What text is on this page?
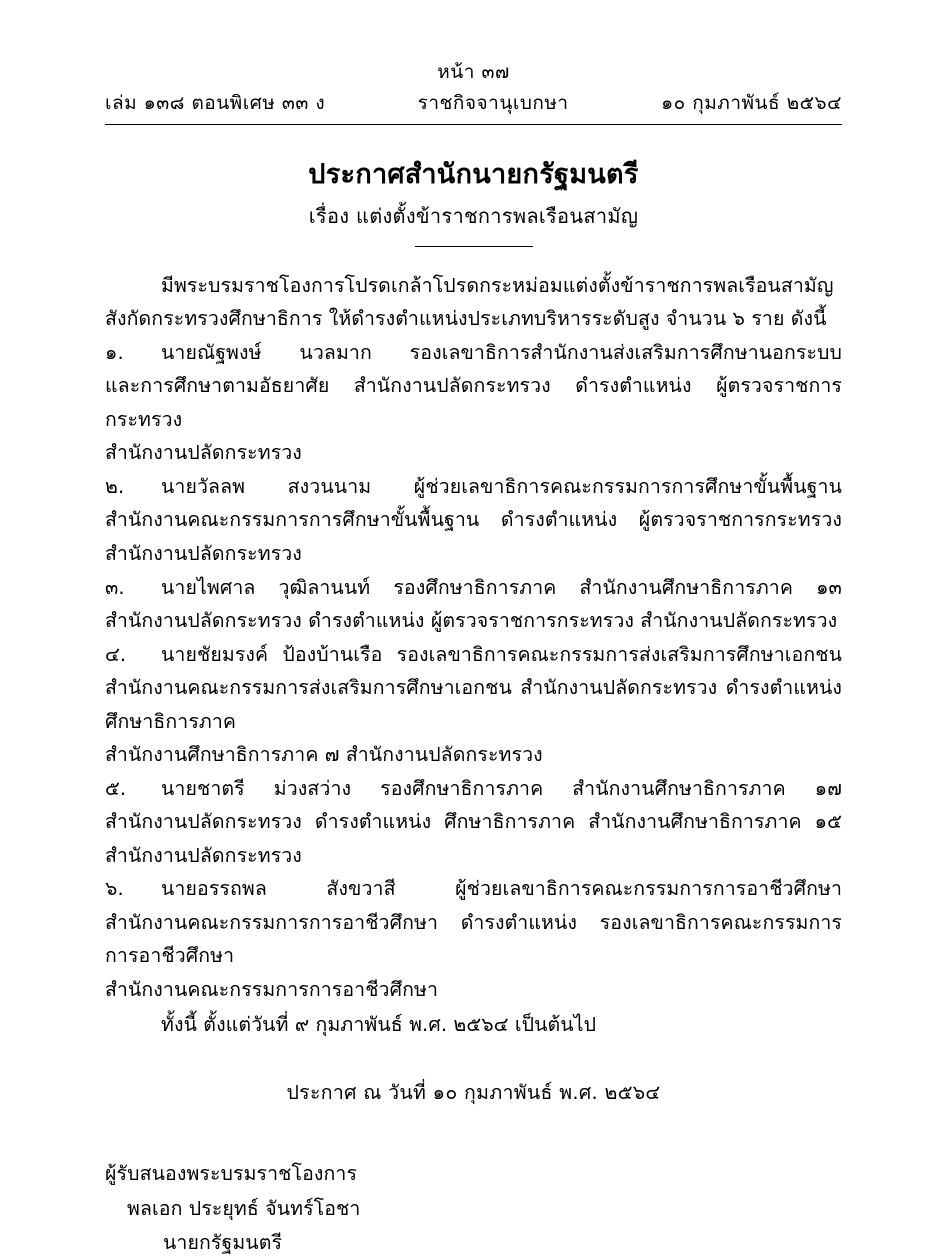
หน้า ๓๗
เล่ม ๑๓๘ ตอนพิเศษ ๓๓ ง	ราชกิจจานุเบกษา	๑๐ กุมภาพันธ์ ๒๕๖๔
ประกาศสำนักนายกรัฐมนตรี
เรื่อง แต่งตั้งข้าราชการพลเรือนสามัญ
มีพระบรมราชโองการโปรดเกล้าโปรดกระหม่อมแต่งตั้งข้าราชการพลเรือนสามัญ
สังกัดกระทรวงศึกษาธิการ ให้ดำรงตำแหน่งประเภทบริหารระดับสูง จำนวน ๖ ราย ดังนี้
๑. นายณัฐพงษ์ นวลมาก รองเลขาธิการสำนักงานส่งเสริมการศึกษานอกระบบ
และการศึกษาตามอัธยาศัย สำนักงานปลัดกระทรวง ดำรงตำแหน่ง ผู้ตรวจราชการกระทรวง
สำนักงานปลัดกระทรวง
๒. นายวัลลพ สงวนนาม ผู้ช่วยเลขาธิการคณะกรรมการการศึกษาขั้นพื้นฐาน
สำนักงานคณะกรรมการการศึกษาขั้นพื้นฐาน ดำรงตำแหน่ง ผู้ตรวจราชการกระทรวง สำนักงานปลัดกระทรวง
๓. นายไพศาล วุฒิลานนท์ รองศึกษาธิการภาค สำนักงานศึกษาธิการภาค ๑๓
สำนักงานปลัดกระทรวง ดำรงตำแหน่ง ผู้ตรวจราชการกระทรวง สำนักงานปลัดกระทรวง
๔. นายชัยมรงค์ ป้องบ้านเรือ รองเลขาธิการคณะกรรมการส่งเสริมการศึกษาเอกชน
สำนักงานคณะกรรมการส่งเสริมการศึกษาเอกชน สำนักงานปลัดกระทรวง ดำรงตำแหน่ง ศึกษาธิการภาค
สำนักงานศึกษาธิการภาค ๗ สำนักงานปลัดกระทรวง
๕. นายชาตรี ม่วงสว่าง รองศึกษาธิการภาค สำนักงานศึกษาธิการภาค ๑๗
สำนักงานปลัดกระทรวง ดำรงตำแหน่ง ศึกษาธิการภาค สำนักงานศึกษาธิการภาค ๑๕ สำนักงานปลัดกระทรวง
๖. นายอรรถพล สังขวาสี ผู้ช่วยเลขาธิการคณะกรรมการการอาชีวศึกษา
สำนักงานคณะกรรมการการอาชีวศึกษา ดำรงตำแหน่ง รองเลขาธิการคณะกรรมการการอาชีวศึกษา
สำนักงานคณะกรรมการการอาชีวศึกษา
ทั้งนี้ ตั้งแต่วันที่ ๙ กุมภาพันธ์ พ.ศ. ๒๕๖๔ เป็นต้นไป
ประกาศ ณ วันที่ ๑๐ กุมภาพันธ์ พ.ศ. ๒๕๖๔
ผู้รับสนองพระบรมราชโองการ
พลเอก ประยุทธ์ จันทร์โอชา
นายกรัฐมนตรี
